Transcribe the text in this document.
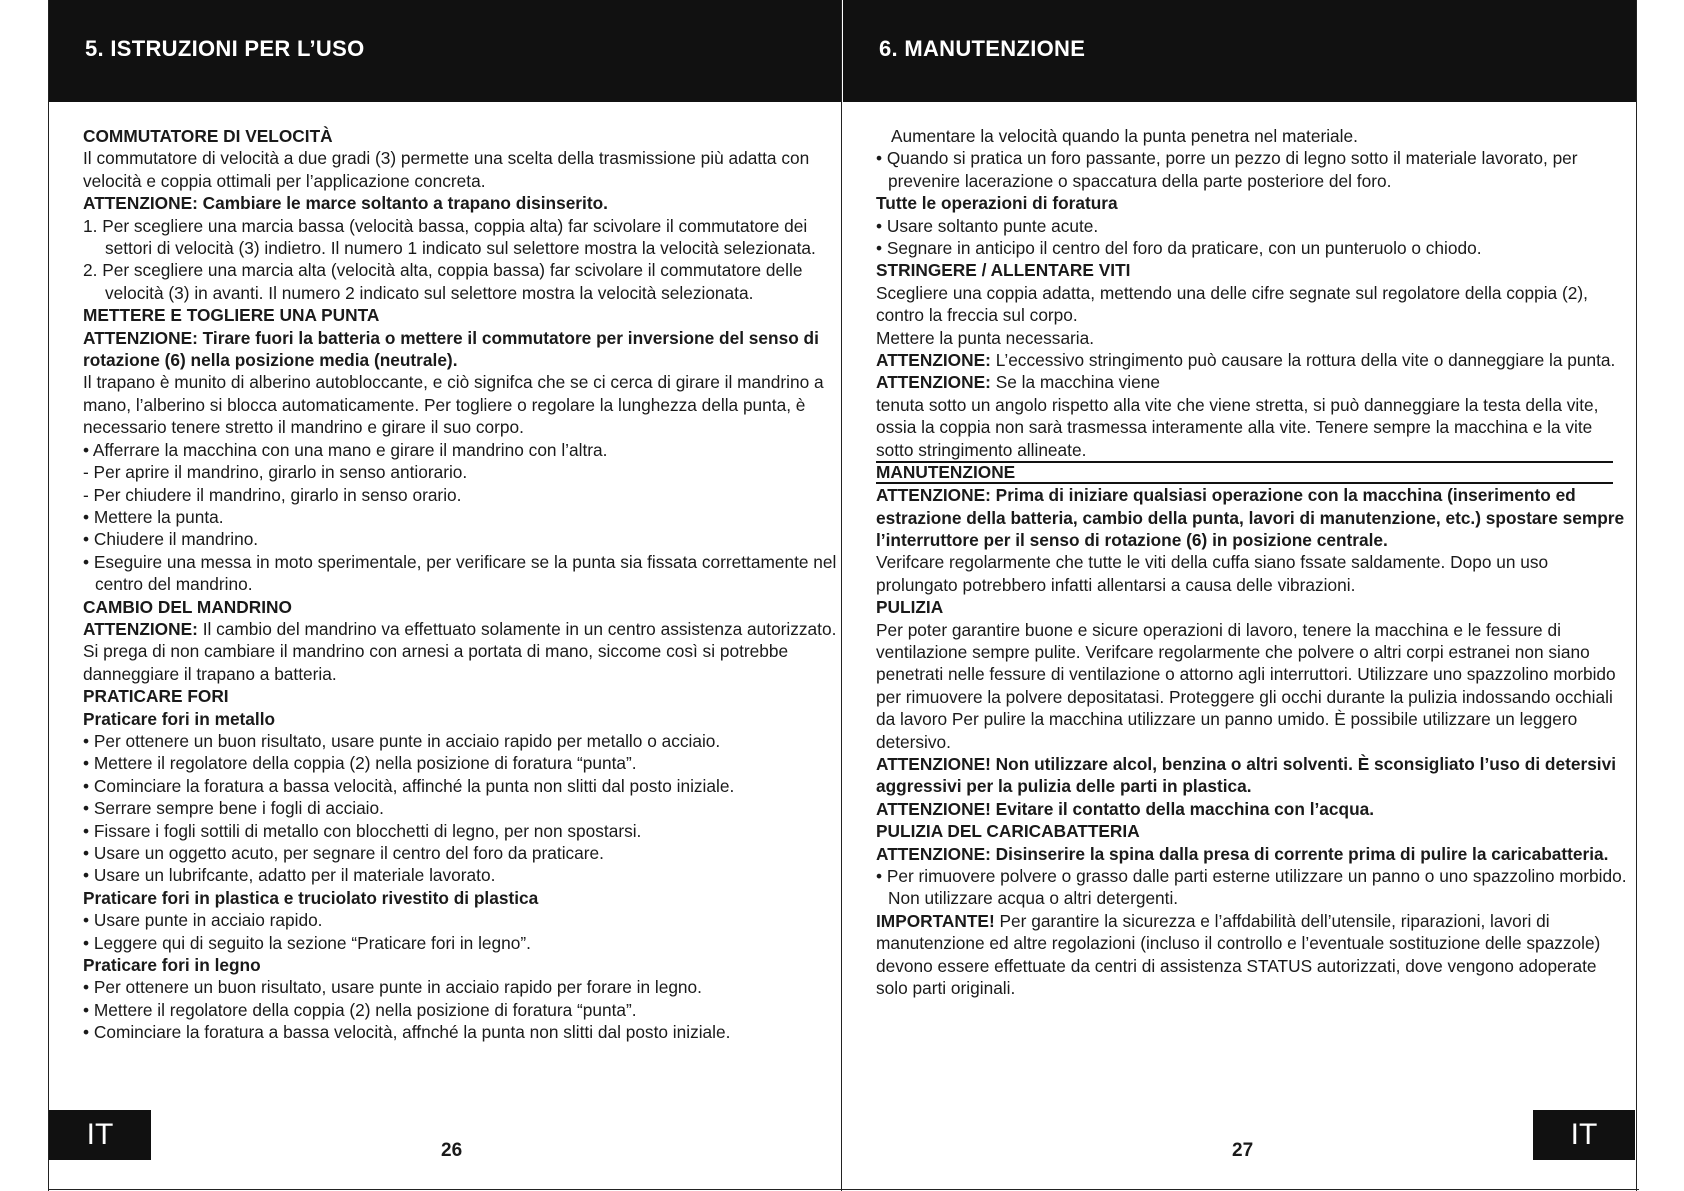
5. ISTRUZIONI PER L’USO

COMMUTATORE DI VELOCITÀ

Il commutatore di velocità a due gradi (3) permette una scelta della trasmissione più adatta con velocità e coppia ottimali per l’applicazione concreta.

ATTENZIONE: Cambiare le marce soltanto a trapano disinserito.

1. Per scegliere una marcia bassa (velocità bassa, coppia alta) far scivolare il commutatore dei settori di velocità (3) indietro. Il numero 1 indicato sul selettore mostra la velocità selezionata.

2. Per scegliere una marcia alta (velocità alta, coppia bassa) far scivolare il commutatore delle velocità (3) in avanti. Il numero 2 indicato sul selettore mostra la velocità selezionata.

METTERE E TOGLIERE UNA PUNTA

ATTENZIONE: Tirare fuori la batteria o mettere il commutatore per inversione del senso di rotazione (6) nella posizione media (neutrale).

Il trapano è munito di alberino autobloccante, e ciò signifca che se ci cerca di girare il mandrino a mano, l’alberino si blocca automaticamente. Per togliere o regolare la lunghezza della punta, è necessario tenere stretto il mandrino e girare il suo corpo.

• Afferrare la macchina con una mano e girare il mandrino con l’altra.

- Per aprire il mandrino, girarlo in senso antiorario.

- Per chiudere il mandrino, girarlo in senso orario.

• Mettere la punta.

• Chiudere il mandrino.

• Eseguire una messa in moto sperimentale, per verificare se la punta sia fissata correttamente nel centro del mandrino.

CAMBIO DEL MANDRINO

ATTENZIONE: Il cambio del mandrino va effettuato solamente in un centro assistenza autorizzato. Si prega di non cambiare il mandrino con arnesi a portata di mano, siccome così si potrebbe danneggiare il trapano a batteria.

PRATICARE FORI

Praticare fori in metallo

• Per ottenere un buon risultato, usare punte in acciaio rapido per metallo o acciaio.

• Mettere il regolatore della coppia (2) nella posizione di foratura “punta”.

• Cominciare la foratura a bassa velocità, affinché la punta non slitti dal posto iniziale.

• Serrare sempre bene i fogli di acciaio.

• Fissare i fogli sottili di metallo con blocchetti di legno, per non spostarsi.

• Usare un oggetto acuto, per segnare il centro del foro da praticare.

• Usare un lubrifcante, adatto per il materiale lavorato.

Praticare fori in plastica e truciolato rivestito di plastica

• Usare punte in acciaio rapido.

• Leggere qui di seguito la sezione “Praticare fori in legno”.

Praticare fori in legno

• Per ottenere un buon risultato, usare punte in acciaio rapido per forare in legno.

• Mettere il regolatore della coppia (2) nella posizione di foratura “punta”.

• Cominciare la foratura a bassa velocità, affnché la punta non slitti dal posto iniziale.

IT	26
6. MANUTENZIONE

Aumentare la velocità quando la punta penetra nel materiale.

• Quando si pratica un foro passante, porre un pezzo di legno sotto il materiale lavorato, per prevenire lacerazione o spaccatura della parte posteriore del foro.

Tutte le operazioni di foratura

• Usare soltanto punte acute.

• Segnare in anticipo il centro del foro da praticare, con un punteruolo o chiodo.

STRINGERE / ALLENTARE VITI

Scegliere una coppia adatta, mettendo una delle cifre segnate sul regolatore della coppia (2), contro la freccia sul corpo.

Mettere la punta necessaria.

ATTENZIONE: L’eccessivo stringimento può causare la rottura della vite o danneggiare la punta.

ATTENZIONE: Se la macchina viene

tenuta sotto un angolo rispetto alla vite che viene stretta, si può danneggiare la testa della vite, ossia la coppia non sarà trasmessa interamente alla vite. Tenere sempre la macchina e la vite sotto stringimento allineate.

MANUTENZIONE

ATTENZIONE: Prima di iniziare qualsiasi operazione con la macchina (inserimento ed estrazione della batteria, cambio della punta, lavori di manutenzione, etc.) spostare sempre l’interruttore per il senso di rotazione (6) in posizione centrale.

Verifcare regolarmente che tutte le viti della cuffa siano fssate saldamente. Dopo un uso prolungato potrebbero infatti allentarsi a causa delle vibrazioni.

PULIZIA

Per poter garantire buone e sicure operazioni di lavoro, tenere la macchina e le fessure di ventilazione sempre pulite. Verifcare regolarmente che polvere o altri corpi estranei non siano penetrati nelle fessure di ventilazione o attorno agli interruttori. Utilizzare uno spazzolino morbido per rimuovere la polvere depositatasi. Proteggere gli occhi durante la pulizia indossando occhiali da lavoro Per pulire la macchina utilizzare un panno umido. È possibile utilizzare un leggero detersivo.

ATTENZIONE! Non utilizzare alcol, benzina o altri solventi. È sconsigliato l’uso di detersivi aggressivi per la pulizia delle parti in plastica.

ATTENZIONE! Evitare il contatto della macchina con l’acqua.

PULIZIA DEL CARICABATTERIA

ATTENZIONE: Disinserire la spina dalla presa di corrente prima di pulire la caricabatteria.

• Per rimuovere polvere o grasso dalle parti esterne utilizzare un panno o uno spazzolino morbido. Non utilizzare acqua o altri detergenti.

IMPORTANTE! Per garantire la sicurezza e l’affdabilità dell’utensile, riparazioni, lavori di manutenzione ed altre regolazioni (incluso il controllo e l’eventuale sostituzione delle spazzole) devono essere effettuate da centri di assistenza STATUS autorizzati, dove vengono adoperate solo parti originali.

IT
27
